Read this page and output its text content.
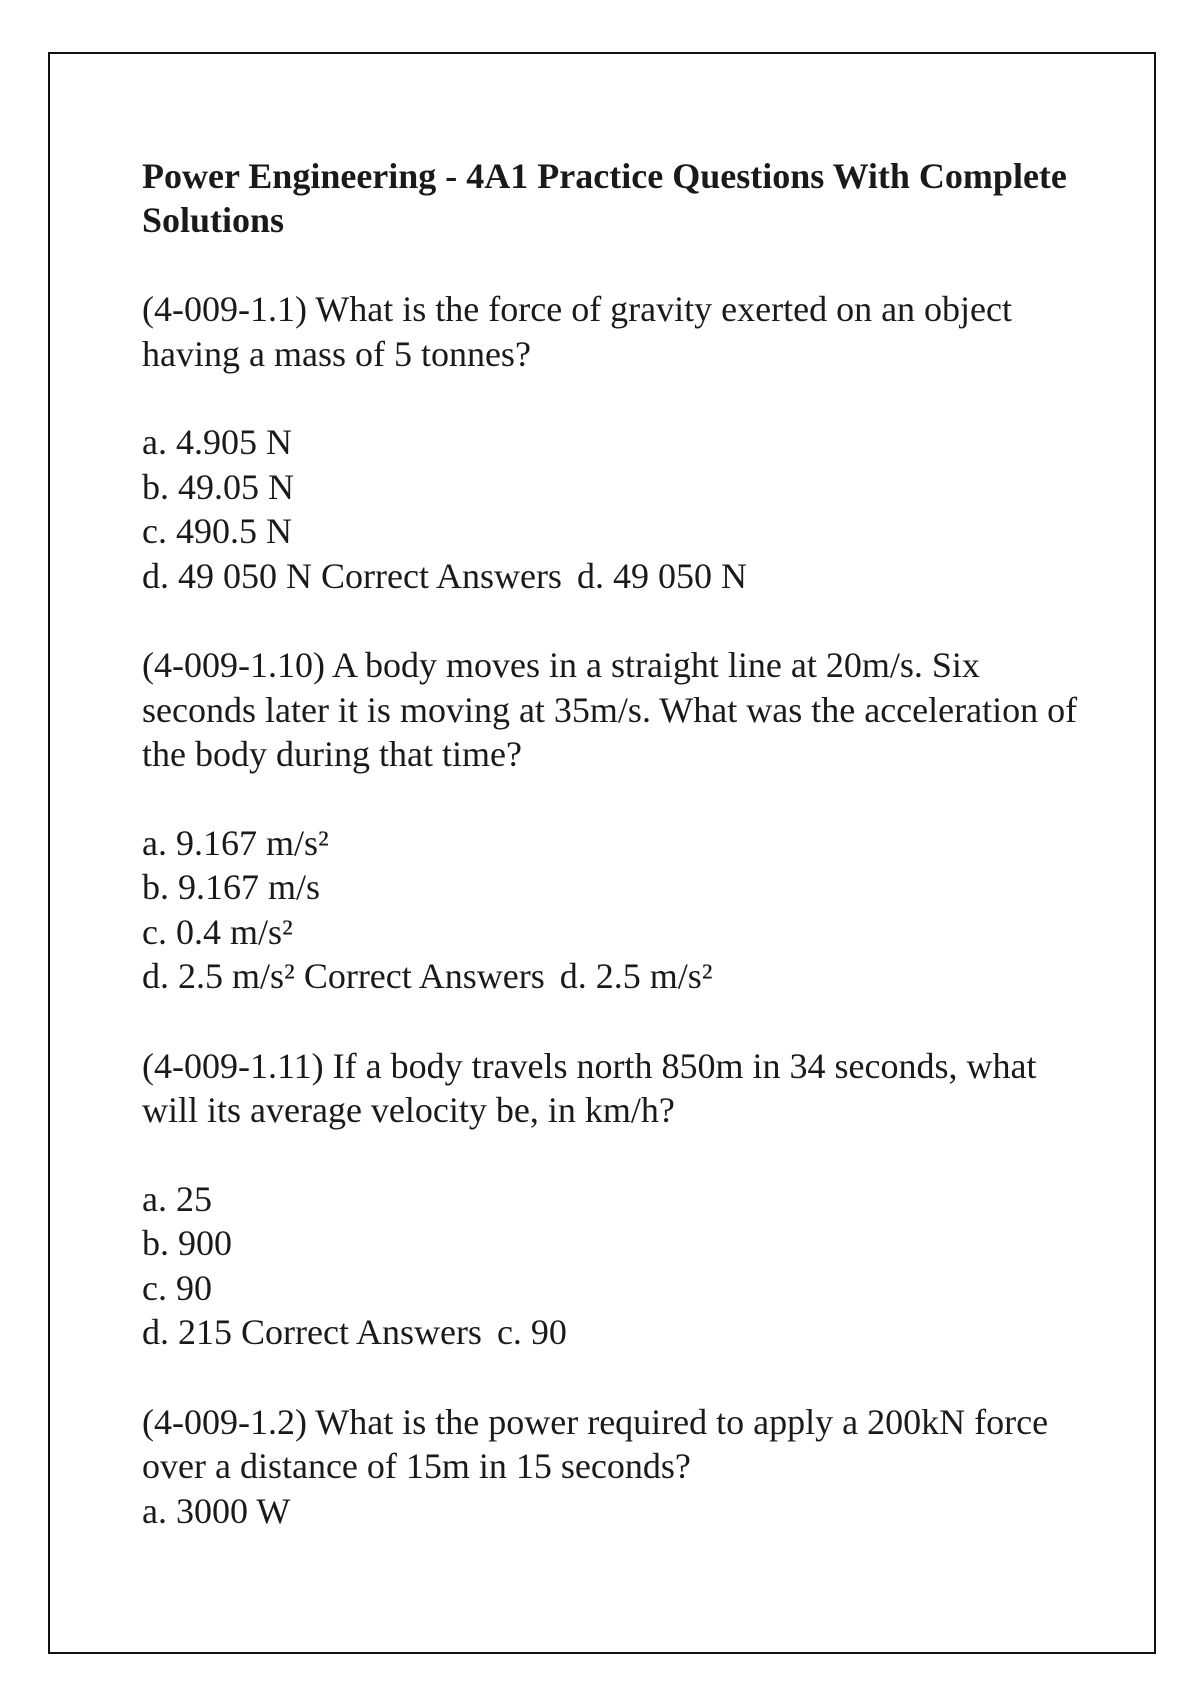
Power Engineering - 4A1 Practice Questions With Complete Solutions
(4-009-1.1) What is the force of gravity exerted on an object having a mass of 5 tonnes?
a. 4.905 N
b. 49.05 N
c. 490.5 N
d. 49 050 N Correct Answers d. 49 050 N
(4-009-1.10) A body moves in a straight line at 20m/s. Six seconds later it is moving at 35m/s. What was the acceleration of the body during that time?
a. 9.167 m/s²
b. 9.167 m/s
c. 0.4 m/s²
d. 2.5 m/s² Correct Answers d. 2.5 m/s²
(4-009-1.11) If a body travels north 850m in 34 seconds, what will its average velocity be, in km/h?
a. 25
b. 900
c. 90
d. 215 Correct Answers c. 90
(4-009-1.2) What is the power required to apply a 200kN force over a distance of 15m in 15 seconds?
a. 3000 W
